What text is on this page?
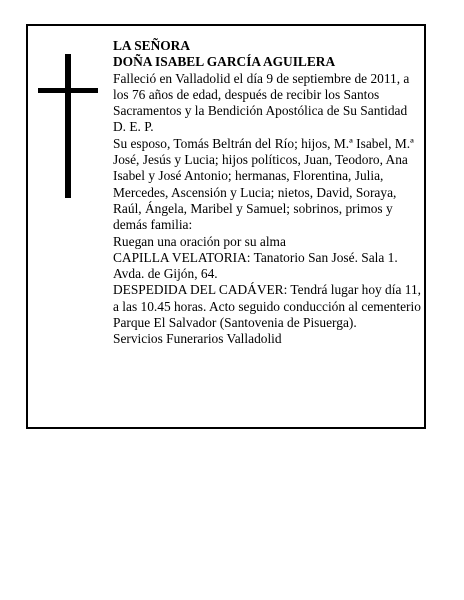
LA SEÑORA

DOÑA ISABEL GARCÍA AGUILERA

Falleció en Valladolid el día 9 de septiembre de 2011, a los 76 años de edad, después de recibir los Santos Sacramentos y la Bendición Apostólica de Su Santidad D. E. P.

Su esposo, Tomás Beltrán del Río; hijos, M.ª Isabel, M.ª José, Jesús y Lucia; hijos políticos, Juan, Teodoro, Ana Isabel y José Antonio; hermanas, Florentina, Julia, Mercedes, Ascensión y Lucia; nietos, David, Soraya, Raúl, Ángela, Maribel y Samuel; sobrinos, primos y demás familia:

Ruegan una oración por su alma

CAPILLA VELATORIA: Tanatorio San José. Sala 1. Avda. de Gijón, 64.

DESPEDIDA DEL CADÁVER: Tendrá lugar hoy día 11, a las 10.45 horas. Acto seguido conducción al cementerio Parque El Salvador (Santovenia de Pisuerga).

Servicios Funerarios Valladolid
